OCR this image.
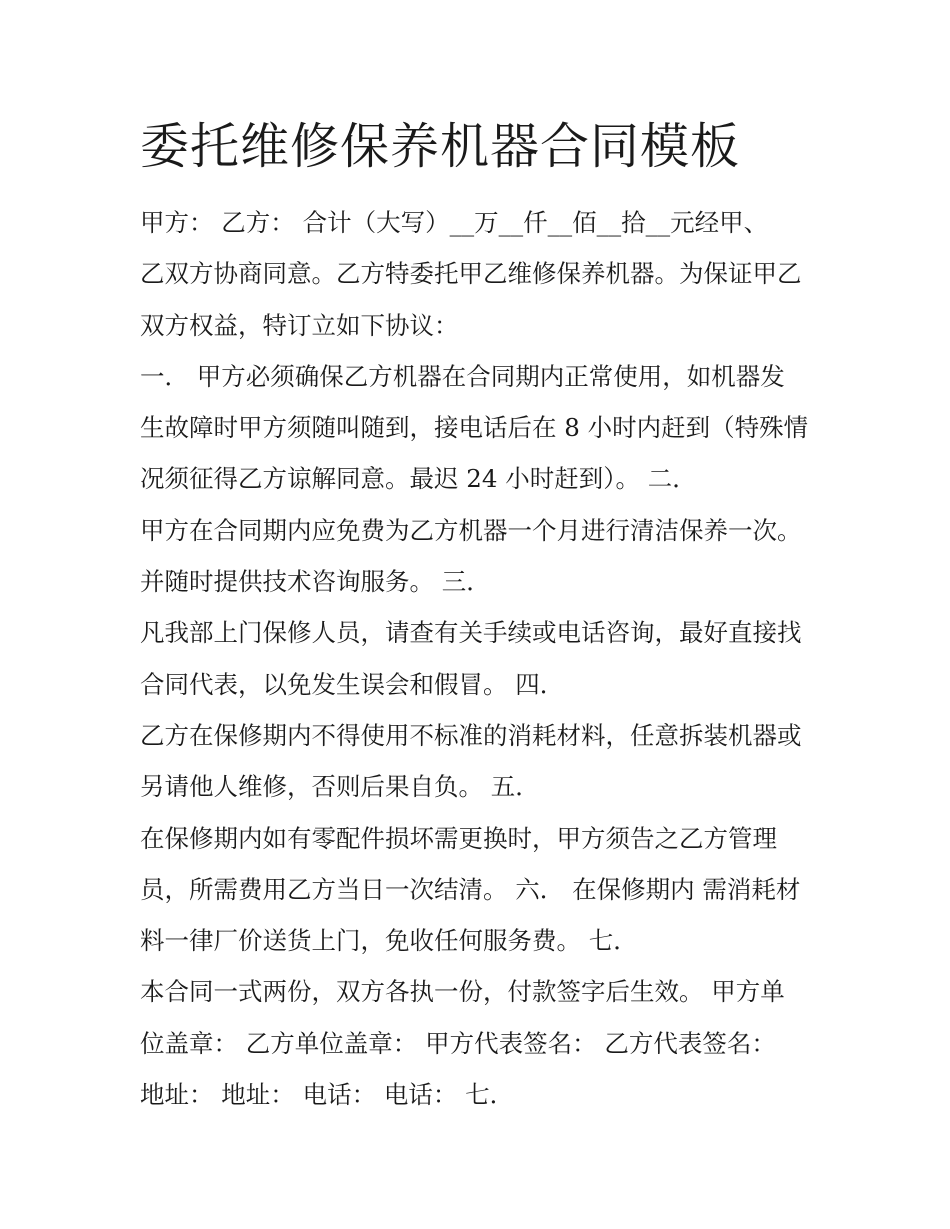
委托维修保养机器合同模板
甲方： 乙方： 合计（大写）__万__仟__佰__拾__元经甲、
乙双方协商同意。乙方特委托甲乙维修保养机器。为保证甲乙
双方权益，特订立如下协议：
一． 甲方必须确保乙方机器在合同期内正常使用，如机器发
生故障时甲方须随叫随到，接电话后在 8 小时内赶到（特殊情
况须征得乙方谅解同意。最迟 24 小时赶到）。 二．
甲方在合同期内应免费为乙方机器一个月进行清洁保养一次。
并随时提供技术咨询服务。 三．
凡我部上门保修人员，请查有关手续或电话咨询，最好直接找
合同代表，以免发生误会和假冒。 四．
乙方在保修期内不得使用不标准的消耗材料，任意拆装机器或
另请他人维修，否则后果自负。 五．
在保修期内如有零配件损坏需更换时，甲方须告之乙方管理
员，所需费用乙方当日一次结清。 六． 在保修期内 需消耗材
料一律厂价送货上门，免收任何服务费。 七．
本合同一式两份，双方各执一份，付款签字后生效。 甲方单
位盖章： 乙方单位盖章： 甲方代表签名： 乙方代表签名：
地址： 地址： 电话： 电话： 七．
